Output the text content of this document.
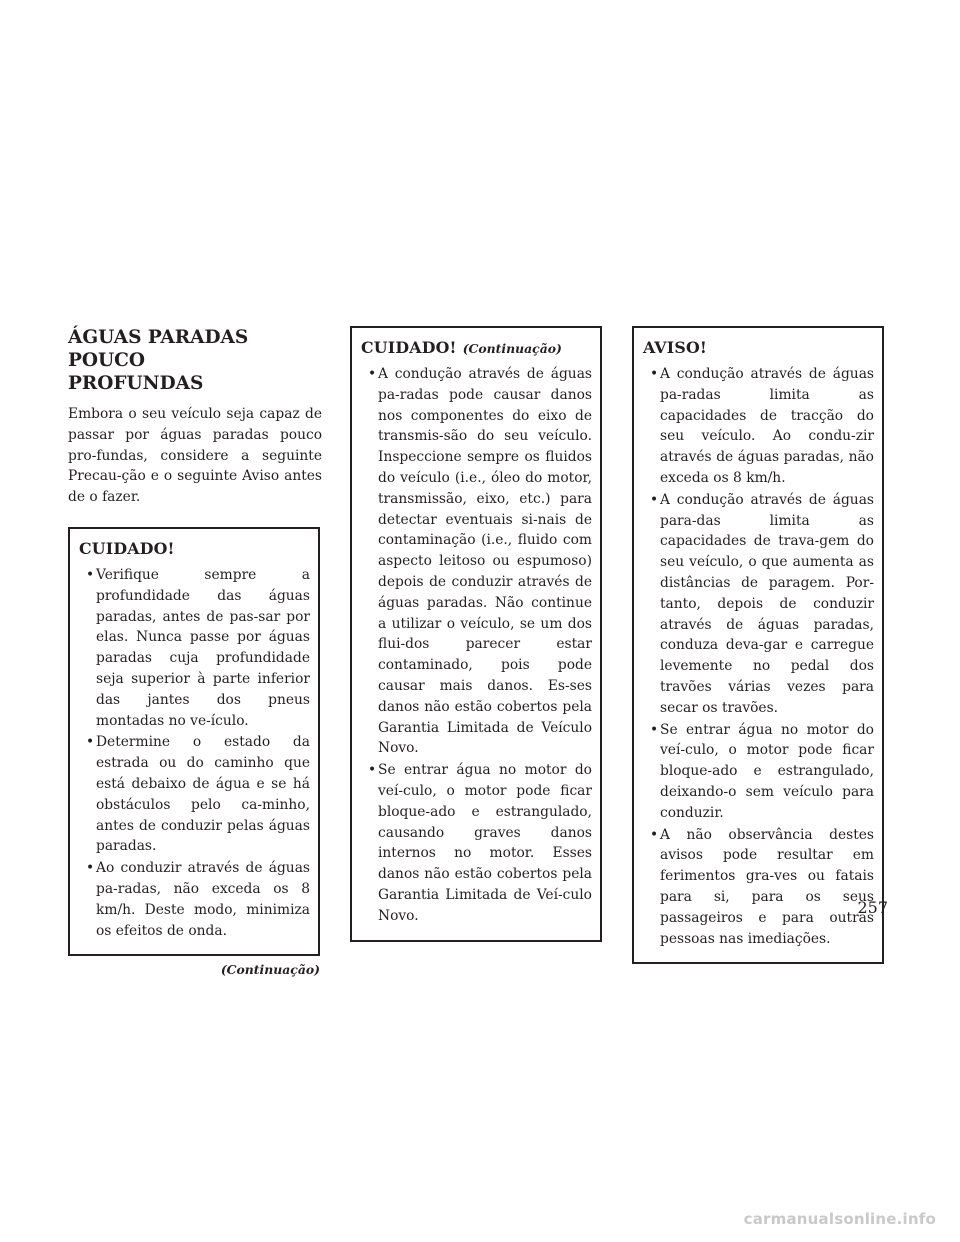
ÁGUAS PARADAS POUCO
PROFUNDAS

Embora o seu veículo seja capaz de passar por águas paradas pouco pro-fundas, considere a seguinte Precau-ção e o seguinte Aviso antes de o fazer.

CUIDADO!
• Verifique sempre a profundidade das águas paradas, antes de pas-sar por elas. Nunca passe por águas paradas cuja profundidade seja superior à parte inferior das jantes dos pneus montadas no ve-ículo.
• Determine o estado da estrada ou do caminho que está debaixo de água e se há obstáculos pelo ca-minho, antes de conduzir pelas águas paradas.
• Ao conduzir através de águas pa-radas, não exceda os 8 km/h. Deste modo, minimiza os efeitos de onda.
(Continuação)
CUIDADO! (Continuação)
• A condução através de águas pa-radas pode causar danos nos componentes do eixo de transmis-são do seu veículo. Inspeccione sempre os fluidos do veículo (i.e., óleo do motor, transmissão, eixo, etc.) para detectar eventuais si-nais de contaminação (i.e., fluido com aspecto leitoso ou espumoso) depois de conduzir através de águas paradas. Não continue a utilizar o veículo, se um dos flui-dos parecer estar contaminado, pois pode causar mais danos. Es-ses danos não estão cobertos pela Garantia Limitada de Veículo Novo.
• Se entrar água no motor do veí-culo, o motor pode ficar bloque-ado e estrangulado, causando graves danos internos no motor. Esses danos não estão cobertos pela Garantia Limitada de Veí-culo Novo.
AVISO!
• A condução através de águas pa-radas limita as capacidades de tracção do seu veículo. Ao condu-zir através de águas paradas, não exceda os 8 km/h.
• A condução através de águas para-das limita as capacidades de trava-gem do seu veículo, o que aumenta as distâncias de paragem. Por-tanto, depois de conduzir através de águas paradas, conduza deva-gar e carregue levemente no pedal dos travões várias vezes para secar os travões.
• Se entrar água no motor do veí-culo, o motor pode ficar bloque-ado e estrangulado, deixando-o sem veículo para conduzir.
• A não observância destes avisos pode resultar em ferimentos gra-ves ou fatais para si, para os seus passageiros e para outras pessoas nas imediações.
257
carmanualsonline.info
